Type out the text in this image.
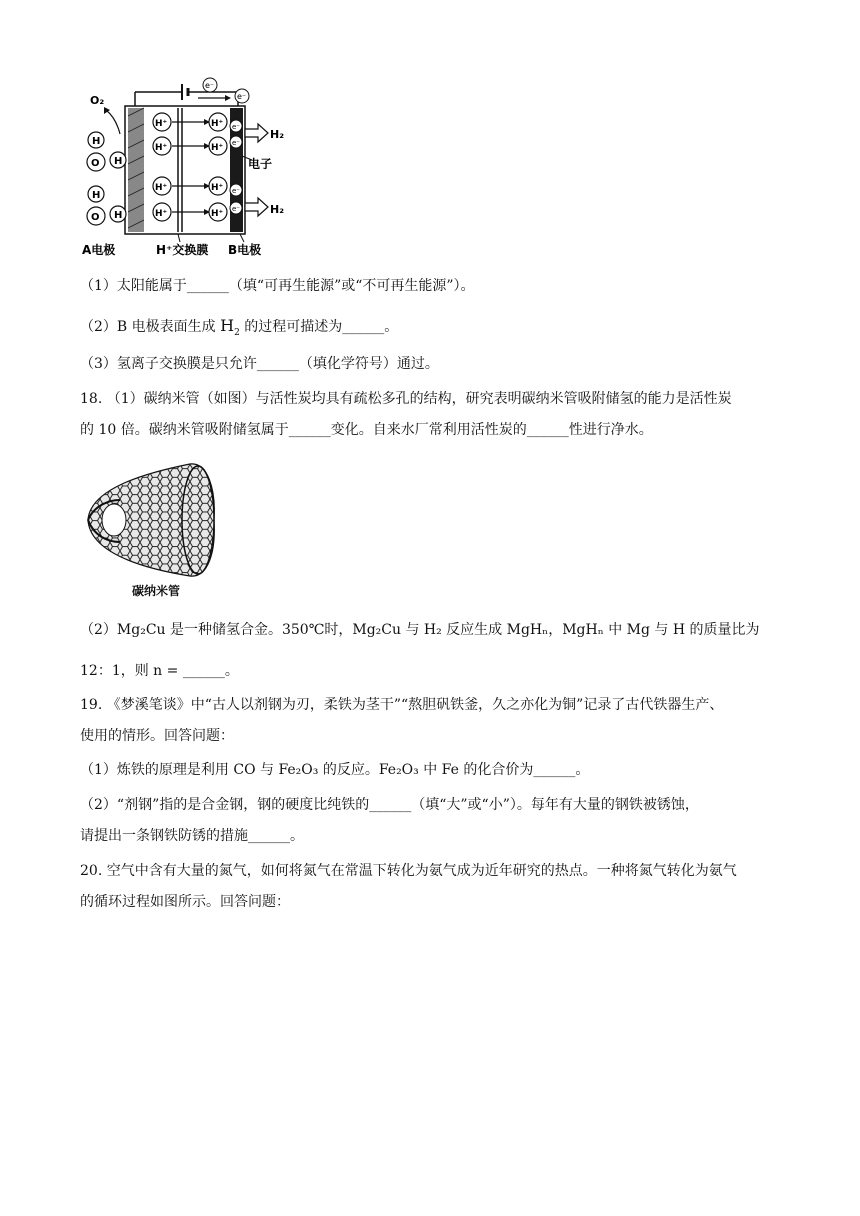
e⁻
e⁻
O₂
H
O H
H
O H
H⁺
H⁺
H⁺
H⁺
H⁺
H⁺
H⁺
H⁺
e⁻
e⁻
e⁻
e⁻
H₂
H₂
电子
A电极	H⁺交换膜 B电极
（1）太阳能属于______（填“可再生能源”或“不可再生能源”）。
（2）B 电极表面生成 $H_2$ 的过程可描述为______。
（3）氢离子交换膜是只允许______（填化学符号）通过。
18. （1）碳纳米管（如图）与活性炭均具有疏松多孔的结构，研究表明碳纳米管吸附储氢的能力是活性炭
的 10 倍。碳纳米管吸附储氢属于______变化。自来水厂常利用活性炭的______性进行净水。
碳纳米管
（2）Mg₂Cu 是一种储氢合金。350℃时，Mg₂Cu 与 H₂ 反应生成 MgHₙ，MgHₙ 中 Mg 与 H 的质量比为
12：1，则 n = ______。
19. 《梦溪笔谈》中“古人以剂钢为刃，柔铁为茎干”“熬胆矾铁釜，久之亦化为铜”记录了古代铁器生产、
使用的情形。回答问题：
（1）炼铁的原理是利用 CO 与 Fe₂O₃ 的反应。Fe₂O₃ 中 Fe 的化合价为______。
（2）“剂钢”指的是合金钢，钢的硬度比纯铁的______（填“大”或“小”）。每年有大量的钢铁被锈蚀，
请提出一条钢铁防锈的措施______。
20. 空气中含有大量的氮气，如何将氮气在常温下转化为氨气成为近年研究的热点。一种将氮气转化为氨气
的循环过程如图所示。回答问题：
